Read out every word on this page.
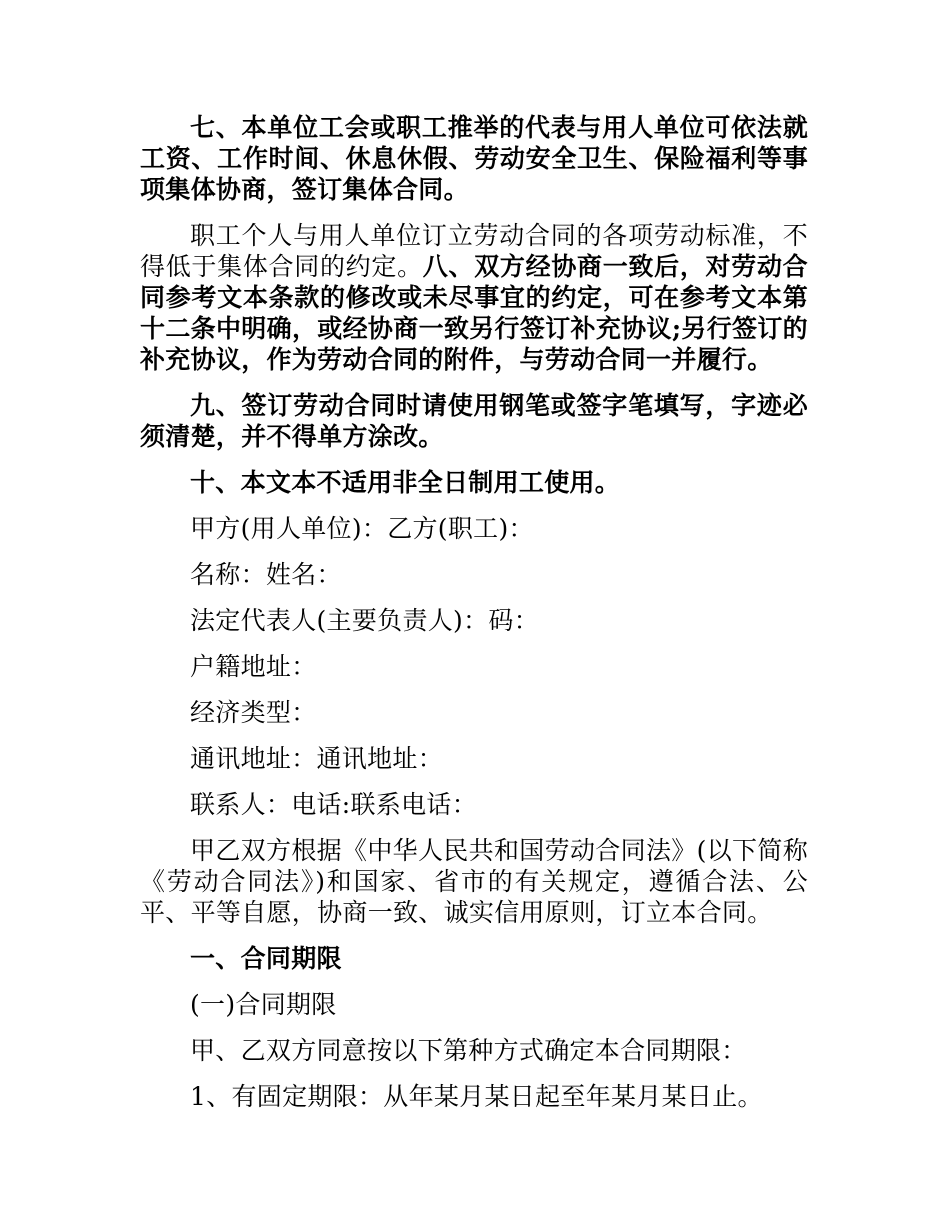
七、本单位工会或职工推举的代表与用人单位可依法就工资、工作时间、休息休假、劳动安全卫生、保险福利等事项集体协商，签订集体合同。

职工个人与用人单位订立劳动合同的各项劳动标准，不得低于集体合同的约定。八、双方经协商一致后，对劳动合同参考文本条款的修改或未尽事宜的约定，可在参考文本第十二条中明确，或经协商一致另行签订补充协议;另行签订的补充协议，作为劳动合同的附件，与劳动合同一并履行。

九、签订劳动合同时请使用钢笔或签字笔填写，字迹必须清楚，并不得单方涂改。

十、本文本不适用非全日制用工使用。

甲方(用人单位)：乙方(职工)：

名称：姓名：

法定代表人(主要负责人)：码：

户籍地址：

经济类型：

通讯地址：通讯地址：

联系人：电话:联系电话：

甲乙双方根据《中华人民共和国劳动合同法》(以下简称《劳动合同法》)和国家、省市的有关规定，遵循合法、公平、平等自愿，协商一致、诚实信用原则，订立本合同。

一、合同期限

(一)合同期限

甲、乙双方同意按以下第种方式确定本合同期限：

1、有固定期限：从年某月某日起至年某月某日止。
